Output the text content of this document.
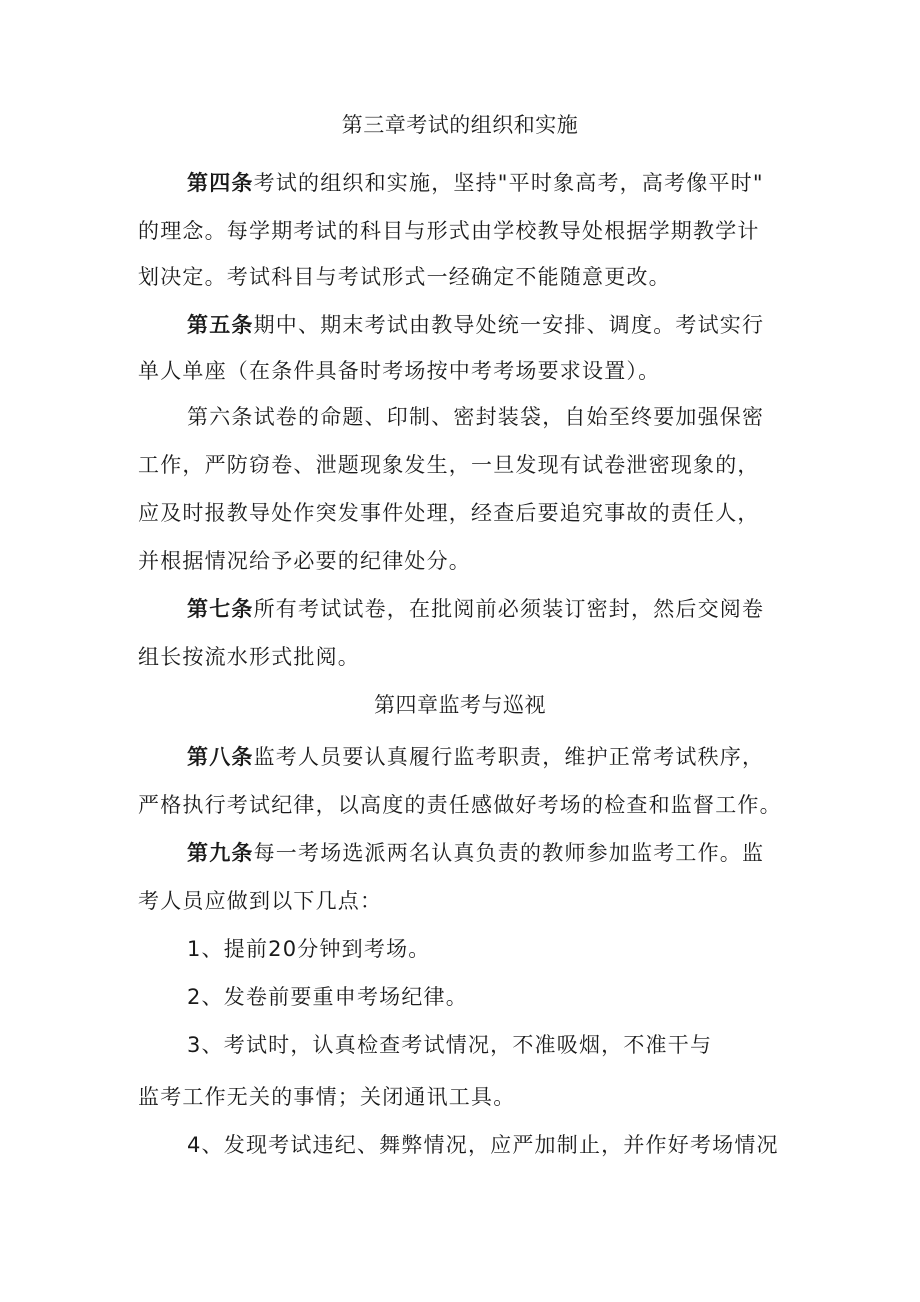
第三章考试的组织和实施
第四条考试的组织和实施，坚持"平时象高考，高考像平时"
的理念。每学期考试的科目与形式由学校教导处根据学期教学计
划决定。考试科目与考试形式一经确定不能随意更改。
第五条期中、期末考试由教导处统一安排、调度。考试实行
单人单座（在条件具备时考场按中考考场要求设置）。
第六条试卷的命题、印制、密封装袋，自始至终要加强保密
工作，严防窃卷、泄题现象发生，一旦发现有试卷泄密现象的，
应及时报教导处作突发事件处理，经查后要追究事故的责任人，
并根据情况给予必要的纪律处分。
第七条所有考试试卷，在批阅前必须装订密封，然后交阅卷
组长按流水形式批阅。
第四章监考与巡视
第八条监考人员要认真履行监考职责，维护正常考试秩序，
严格执行考试纪律，以高度的责任感做好考场的检查和监督工作。
第九条每一考场选派两名认真负责的教师参加监考工作。监
考人员应做到以下几点：
1、提前20分钟到考场。
2、发卷前要重申考场纪律。
3、考试时，认真检查考试情况，不准吸烟，不准干与
监考工作无关的事情；关闭通讯工具。
4、发现考试违纪、舞弊情况，应严加制止，并作好考场情况
